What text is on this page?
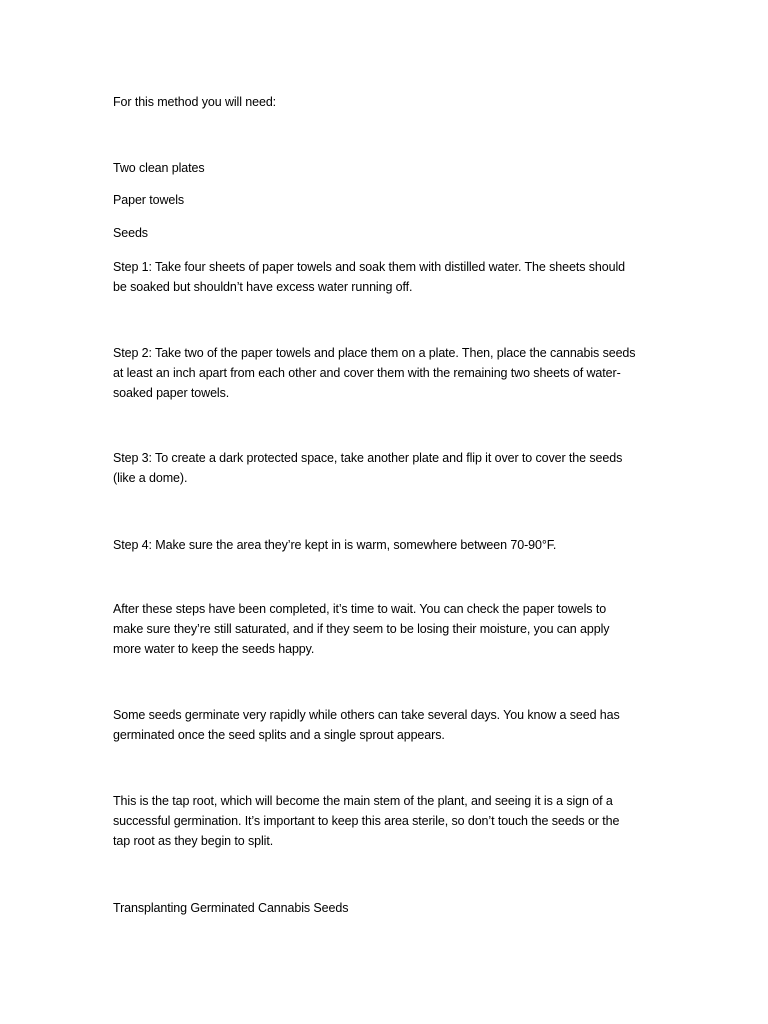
For this method you will need:
Two clean plates
Paper towels
Seeds
Step 1: Take four sheets of paper towels and soak them with distilled water. The sheets should
be soaked but shouldn’t have excess water running off.
Step 2: Take two of the paper towels and place them on a plate. Then, place the cannabis seeds
at least an inch apart from each other and cover them with the remaining two sheets of water-
soaked paper towels.
Step 3: To create a dark protected space, take another plate and flip it over to cover the seeds
(like a dome).
Step 4: Make sure the area they’re kept in is warm, somewhere between 70-90°F.
After these steps have been completed, it’s time to wait. You can check the paper towels to
make sure they’re still saturated, and if they seem to be losing their moisture, you can apply
more water to keep the seeds happy.
Some seeds germinate very rapidly while others can take several days. You know a seed has
germinated once the seed splits and a single sprout appears.
This is the tap root, which will become the main stem of the plant, and seeing it is a sign of a
successful germination. It’s important to keep this area sterile, so don’t touch the seeds or the
tap root as they begin to split.
Transplanting Germinated Cannabis Seeds
